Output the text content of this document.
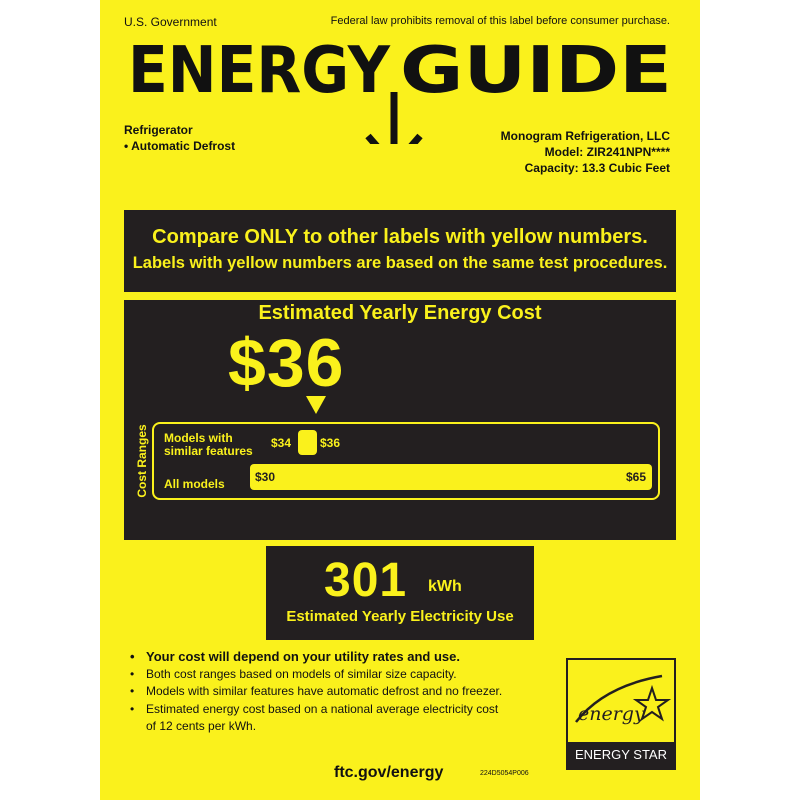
U.S. Government	Federal law prohibits removal of this label before consumer purchase.
ENERGY GUIDE
Refrigerator
• Automatic Defrost
Monogram Refrigeration, LLC
Model: ZIR241NPN****
Capacity: 13.3 Cubic Feet
Compare ONLY to other labels with yellow numbers.
Labels with yellow numbers are based on the same test procedures.
Estimated Yearly Energy Cost
$36
Cost Ranges Models with
similar features
$34 $36
All models	$30	$65
301 kWh
Estimated Yearly Electricity Use
• Your cost will depend on your utility rates and use.
• Both cost ranges based on models of similar size capacity.
• Models with similar features have automatic defrost and no freezer.
• Estimated energy cost based on a national average electricity cost
of 12 cents per kWh.
energy
ENERGY STAR
ftc.gov/energy	224D5054P006
